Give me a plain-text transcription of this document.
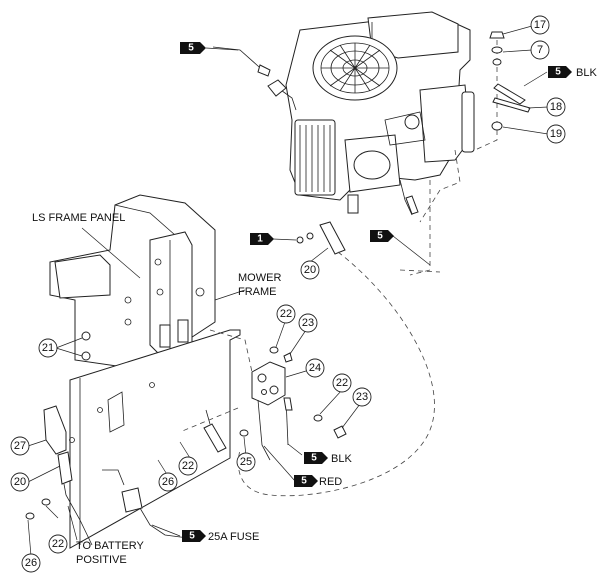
17
7
18
19
20
21
22
23
24
22
23
25
27
20	26
22
22
26
5
5 BLK
1	5
5 BLK
5 RED
5 25A FUSE
LS FRAME PANEL
MOWER
FRAME
TO BATTERY
POSITIVE
